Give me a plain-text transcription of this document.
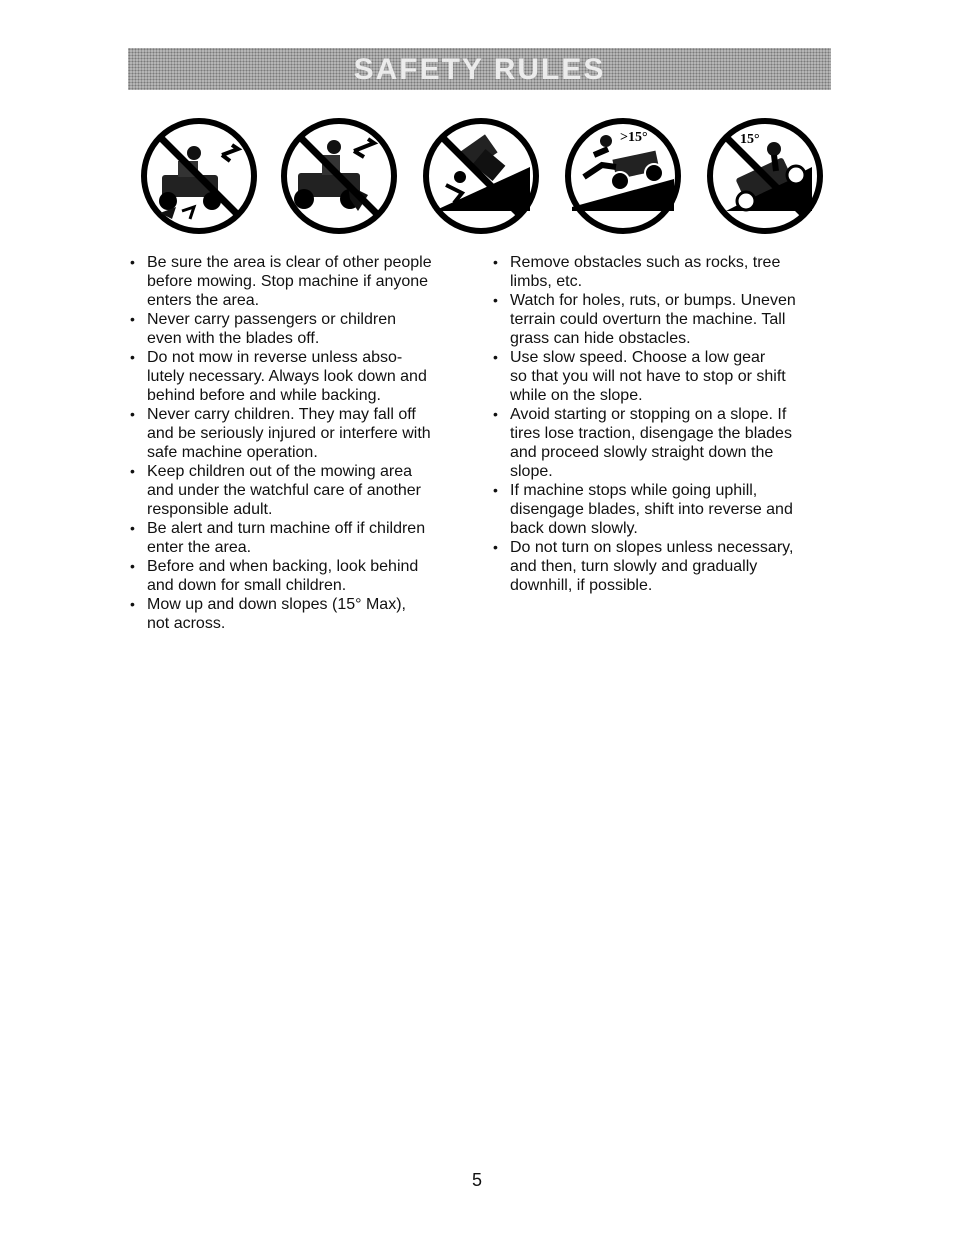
SAFETY RULES
>15°	15°
• Be sure the area is clear of other people
before mowing. Stop machine if anyone
enters the area.
• Never carry passengers or children
even with the blades off.
• Do not mow in reverse unless abso-
lutely necessary. Always look down and
behind before and while backing.
• Never carry children. They may fall off
and be seriously injured or interfere with
safe machine operation.
• Keep children out of the mowing area
and under the watchful care of another
responsible adult.
• Be alert and turn machine off if children
enter the area.
• Before and when backing, look behind
and down for small children.
• Mow up and down slopes (15° Max),
not across.
• Remove obstacles such as rocks, tree
limbs, etc.
• Watch for holes, ruts, or bumps. Uneven
terrain could overturn the machine. Tall
grass can hide obstacles.
• Use slow speed. Choose a low gear
so that you will not have to stop or shift
while on the slope.
• Avoid starting or stopping on a slope. If
tires lose traction, disengage the blades
and proceed slowly straight down the
slope.
• If machine stops while going uphill,
disengage blades, shift into reverse and
back down slowly.
• Do not turn on slopes unless necessary,
and then, turn slowly and gradually
downhill, if possible.
5
